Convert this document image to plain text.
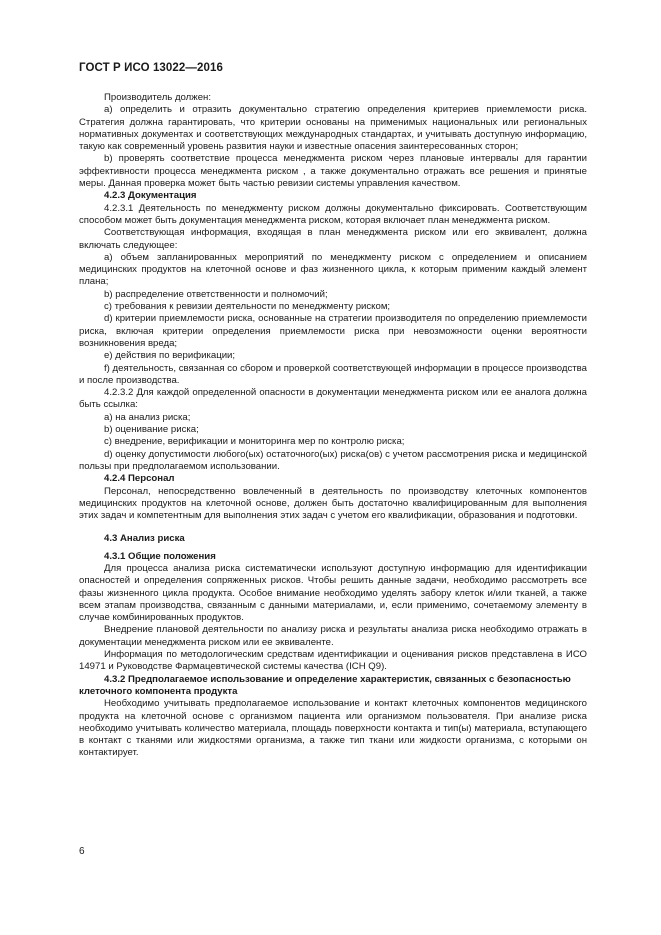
ГОСТ Р ИСО 13022—2016

Производитель должен:

а) определить и отразить документально стратегию определения критериев приемлемости риска. Стратегия должна гарантировать, что критерии основаны на применимых национальных или региональных нормативных документах и соответствующих международных стандартах, и учитывать доступную информацию, такую как современный уровень развития науки и известные опасения заинтересованных сторон;

b) проверять соответствие процесса менеджмента риском через плановые интервалы для гарантии эффективности процесса менеджмента риском , а также документально отражать все решения и принятые меры. Данная проверка может быть частью ревизии системы управления качеством.

4.2.3 Документация

4.2.3.1 Деятельность по менеджменту риском должны документально фиксировать. Соответствующим способом может быть документация менеджмента риском, которая включает план менеджмента риском.

Соответствующая информация, входящая в план менеджмента риском или его эквивалент, должна включать следующее:

а) объем запланированных мероприятий по менеджменту риском с определением и описанием медицинских продуктов на клеточной основе и фаз жизненного цикла, к которым применим каждый элемент плана;

b) распределение ответственности и полномочий;

c) требования к ревизии деятельности по менеджменту риском;

d) критерии приемлемости риска, основанные на стратегии производителя по определению приемлемости риска, включая критерии определения приемлемости риска при невозможности оценки вероятности возникновения вреда;

e) действия по верификации;

f) деятельность, связанная со сбором и проверкой соответствующей информации в процессе производства и после производства.

4.2.3.2 Для каждой определенной опасности в документации менеджмента риском или ее аналога должна быть ссылка:

а) на анализ риска;

b) оценивание риска;

c) внедрение, верификации и мониторинга мер по контролю риска;

d) оценку допустимости любого(ых) остаточного(ых) риска(ов) с учетом рассмотрения риска и медицинской пользы при предполагаемом использовании.

4.2.4 Персонал

Персонал, непосредственно вовлеченный в деятельность по производству клеточных компонентов медицинских продуктов на клеточной основе, должен быть достаточно квалифицированным для выполнения этих задач и компетентным для выполнения этих задач с учетом его квалификации, образования и подготовки.

4.3 Анализ риска

4.3.1 Общие положения

Для процесса анализа риска систематически используют доступную информацию для идентификации опасностей и определения сопряженных рисков. Чтобы решить данные задачи, необходимо рассмотреть все фазы жизненного цикла продукта. Особое внимание необходимо уделять забору клеток и/или тканей, а также всем этапам производства, связанным с данными материалами, и, если применимо, сочетаемому элементу в случае комбинированных продуктов.

Внедрение плановой деятельности по анализу риска и результаты анализа риска необходимо отражать в документации менеджмента риском или ее эквиваленте.

Информация по методологическим средствам идентификации и оценивания рисков представлена в ИСО 14971 и Руководстве Фармацевтической системы качества (ICH Q9).

4.3.2 Предполагаемое использование и определение характеристик, связанных с безопасностью клеточного компонента продукта

Необходимо учитывать предполагаемое использование и контакт клеточных компонентов медицинского продукта на клеточной основе с организмом пациента или организмом пользователя. При анализе риска необходимо учитывать количество материала, площадь поверхности контакта и тип(ы) материала, вступающего в контакт с тканями или жидкостями организма, а также тип ткани или жидкости организма, с которыми он контактирует.

6
